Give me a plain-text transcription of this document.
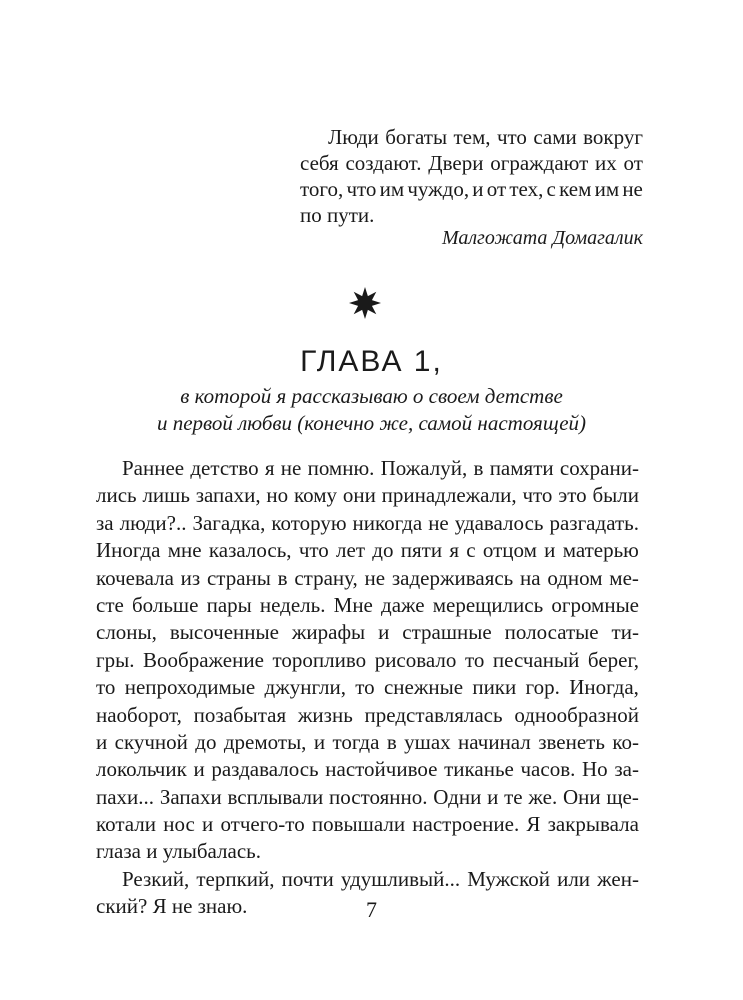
Люди богаты тем, что сами вокруг
себя создают. Двери ограждают их от
того, что им чуждо, и от тех, с кем им не
по пути.
Малгожата Домагалик
ГЛАВА 1,
в которой я рассказываю о своем детстве
и первой любви (конечно же, самой настоящей)
Раннее детство я не помню. Пожалуй, в памяти сохрани-
лись лишь запахи, но кому они принадлежали, что это были
за люди?.. Загадка, которую никогда не удавалось разгадать.
Иногда мне казалось, что лет до пяти я с отцом и матерью
кочевала из страны в страну, не задерживаясь на одном ме-
сте больше пары недель. Мне даже мерещились огромные
слоны, высоченные жирафы и страшные полосатые ти-
гры. Воображение торопливо рисовало то песчаный берег,
то непроходимые джунгли, то снежные пики гор. Иногда,
наоборот, позабытая жизнь представлялась однообразной
и скучной до дремоты, и тогда в ушах начинал звенеть ко-
локольчик и раздавалось настойчивое тиканье часов. Но за-
пахи... Запахи всплывали постоянно. Одни и те же. Они ще-
котали нос и отчего-то повышали настроение. Я закрывала
глаза и улыбалась.
Резкий, терпкий, почти удушливый... Мужской или жен-
ский? Я не знаю.	7
